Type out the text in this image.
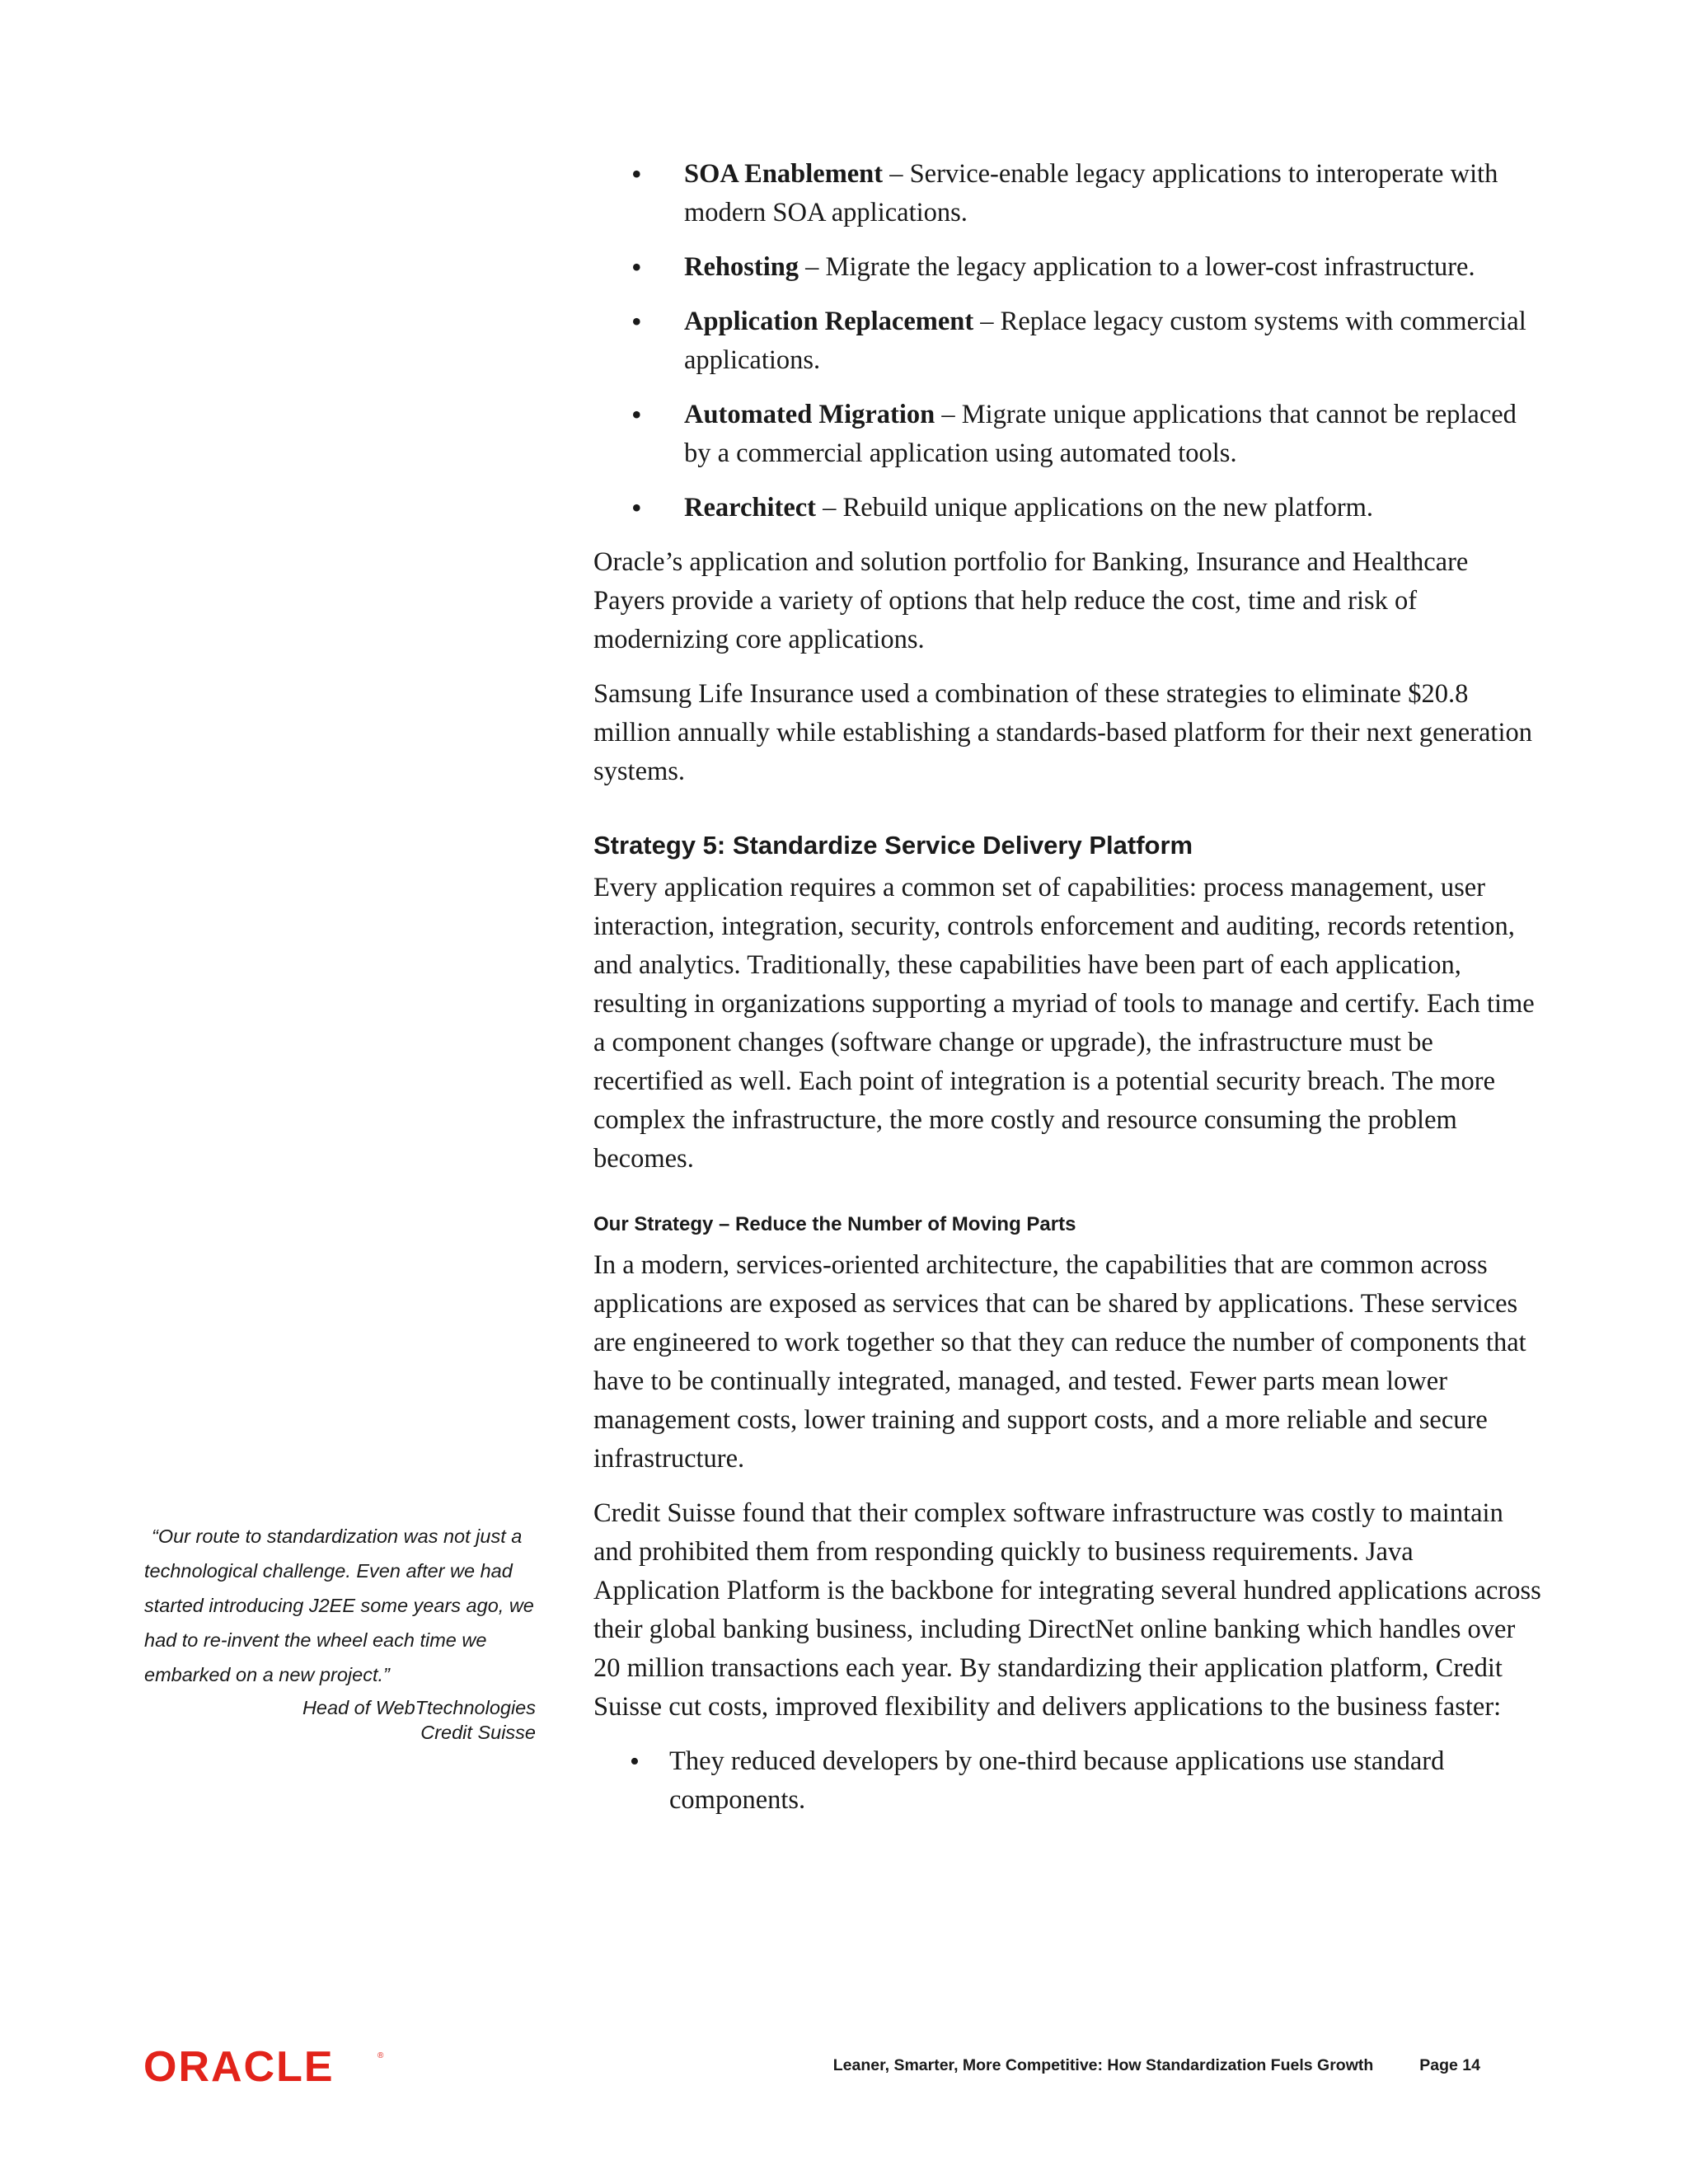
• SOA Enablement – Service-enable legacy applications to interoperate with modern SOA applications.
• Rehosting – Migrate the legacy application to a lower-cost infrastructure.
• Application Replacement – Replace legacy custom systems with commercial applications.
• Automated Migration – Migrate unique applications that cannot be replaced by a commercial application using automated tools.
• Rearchitect – Rebuild unique applications on the new platform.

Oracle’s application and solution portfolio for Banking, Insurance and Healthcare Payers provide a variety of options that help reduce the cost, time and risk of modernizing core applications.

Samsung Life Insurance used a combination of these strategies to eliminate $20.8 million annually while establishing a standards-based platform for their next generation systems.

Strategy 5: Standardize Service Delivery Platform

Every application requires a common set of capabilities: process management, user interaction, integration, security, controls enforcement and auditing, records retention, and analytics. Traditionally, these capabilities have been part of each application, resulting in organizations supporting a myriad of tools to manage and certify. Each time a component changes (software change or upgrade), the infrastructure must be recertified as well. Each point of integration is a potential security breach. The more complex the infrastructure, the more costly and resource consuming the problem becomes.

Our Strategy – Reduce the Number of Moving Parts

In a modern, services-oriented architecture, the capabilities that are common across applications are exposed as services that can be shared by applications. These services are engineered to work together so that they can reduce the number of components that have to be continually integrated, managed, and tested. Fewer parts mean lower management costs, lower training and support costs, and a more reliable and secure infrastructure.

Credit Suisse found that their complex software infrastructure was costly to maintain and prohibited them from responding quickly to business requirements. Java Application Platform is the backbone for integrating several hundred applications across their global banking business, including DirectNet online banking which handles over 20 million transactions each year. By standardizing their application platform, Credit Suisse cut costs, improved flexibility and delivers applications to the business faster:

• They reduced developers by one-third because applications use standard components.
“Our route to standardization was not just a technological challenge. Even after we had started introducing J2EE some years ago, we had to re-invent the wheel each time we embarked on a new project.”
Head of WebTtechnologies
Credit Suisse
ORACLE	®
Leaner, Smarter, More Competitive: How Standardization Fuels Growth	Page 14
